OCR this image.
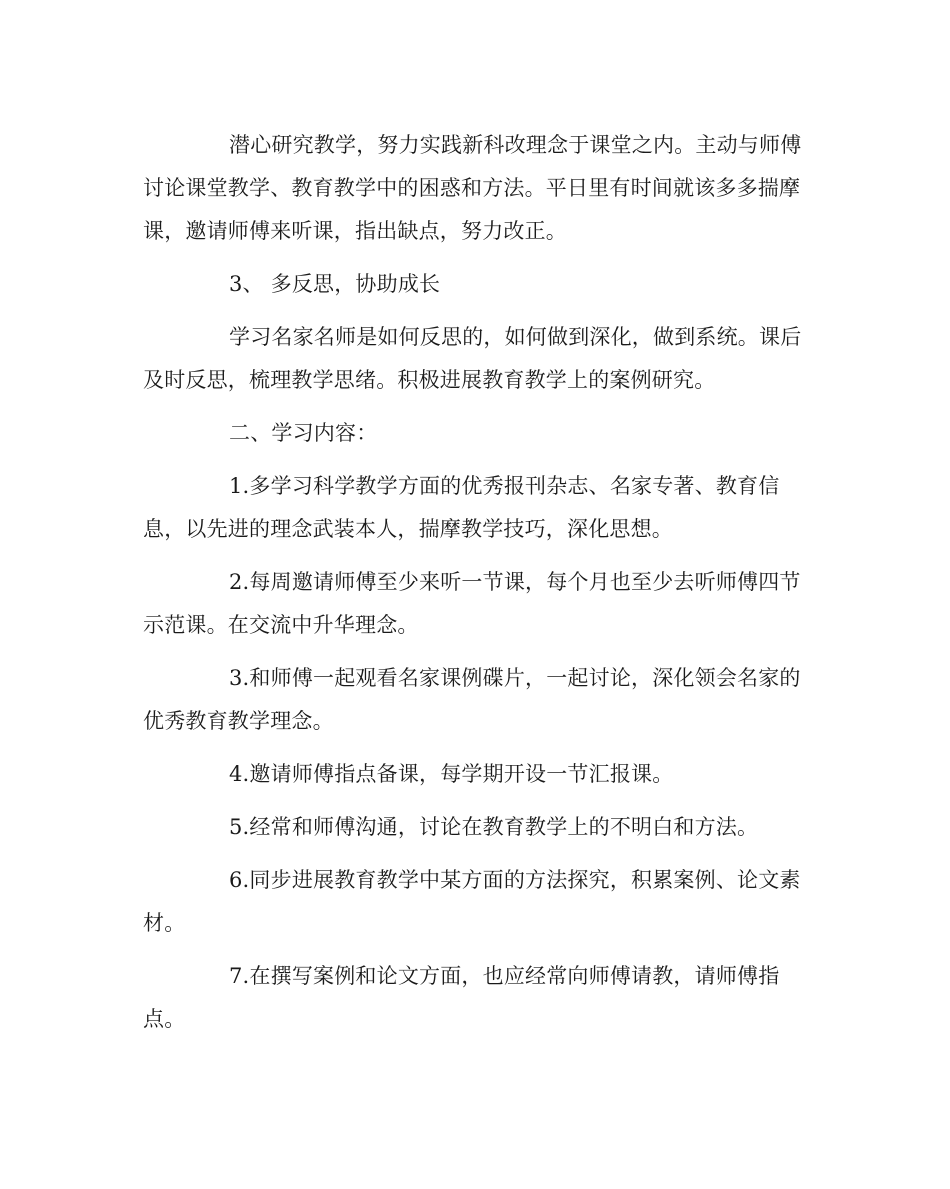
潜心研究教学，努力实践新科改理念于课堂之内。主动与师傅讨论课堂教学、教育教学中的困惑和方法。平日里有时间就该多多揣摩课，邀请师傅来听课，指出缺点，努力改正。

3、 多反思，协助成长

学习名家名师是如何反思的，如何做到深化，做到系统。课后及时反思，梳理教学思绪。积极进展教育教学上的案例研究。

二、学习内容：

1.多学习科学教学方面的优秀报刊杂志、名家专著、教育信息，以先进的理念武装本人，揣摩教学技巧，深化思想。

2.每周邀请师傅至少来听一节课，每个月也至少去听师傅四节示范课。在交流中升华理念。

3.和师傅一起观看名家课例碟片，一起讨论，深化领会名家的优秀教育教学理念。

4.邀请师傅指点备课，每学期开设一节汇报课。

5.经常和师傅沟通，讨论在教育教学上的不明白和方法。

6.同步进展教育教学中某方面的方法探究，积累案例、论文素材。

7.在撰写案例和论文方面，也应经常向师傅请教，请师傅指点。
